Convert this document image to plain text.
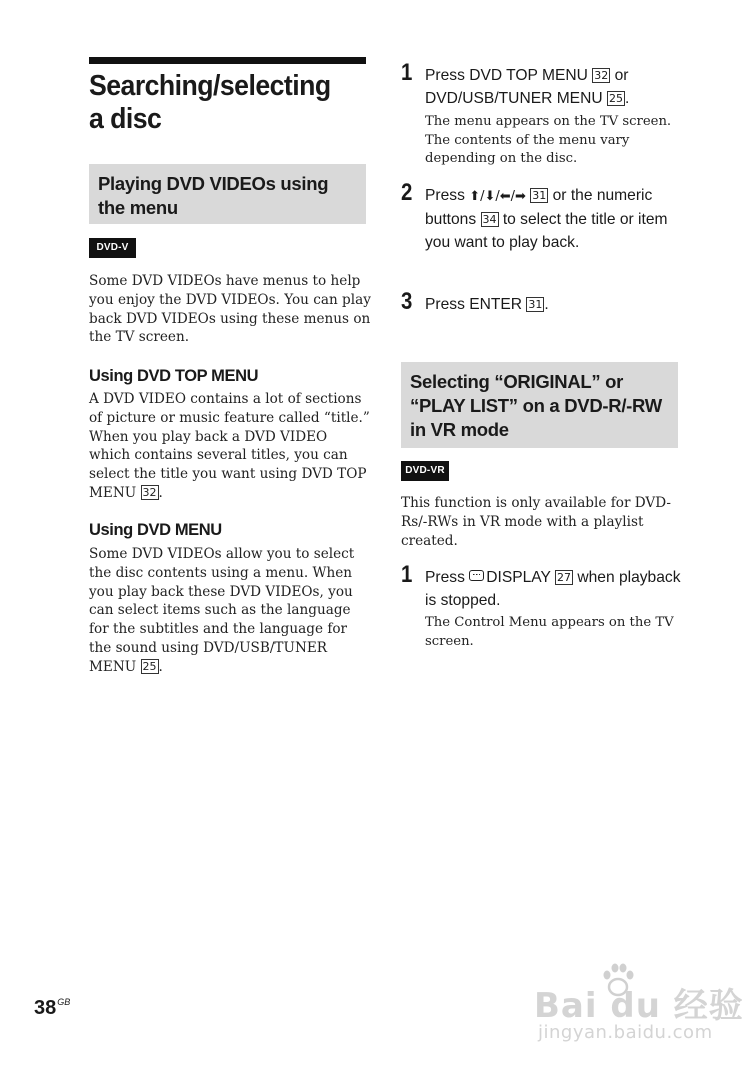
Searching/selecting a disc
Playing DVD VIDEOs using the menu
DVD-V
Some DVD VIDEOs have menus to help you enjoy the DVD VIDEOs. You can play back DVD VIDEOs using these menus on the TV screen.
Using DVD TOP MENU
A DVD VIDEO contains a lot of sections of picture or music feature called “title.” When you play back a DVD VIDEO which contains several titles, you can select the title you want using DVD TOP MENU 32 .
Using DVD MENU
Some DVD VIDEOs allow you to select the disc contents using a menu. When you play back these DVD VIDEOs, you can select items such as the language for the subtitles and the language for the sound using DVD/USB/TUNER MENU 25 .
1 Press DVD TOP MENU 32 or DVD/USB/TUNER MENU 25 .
The menu appears on the TV screen. The contents of the menu vary depending on the disc.
2 Press ⬆/⬇/⬅/➡ 31 or the numeric buttons 34 to select the title or item you want to play back.
3 Press ENTER 31 .
Selecting “ORIGINAL” or “PLAY LIST” on a DVD-R/-RW in VR mode
DVD-VR
This function is only available for DVD-Rs/-RWs in VR mode with a playlist created.
1 Press DISPLAY 27 when playback is stopped.
The Control Menu appears on the TV screen.
$38^{GB}$	Bai du 经验
jingyan.baidu.com
